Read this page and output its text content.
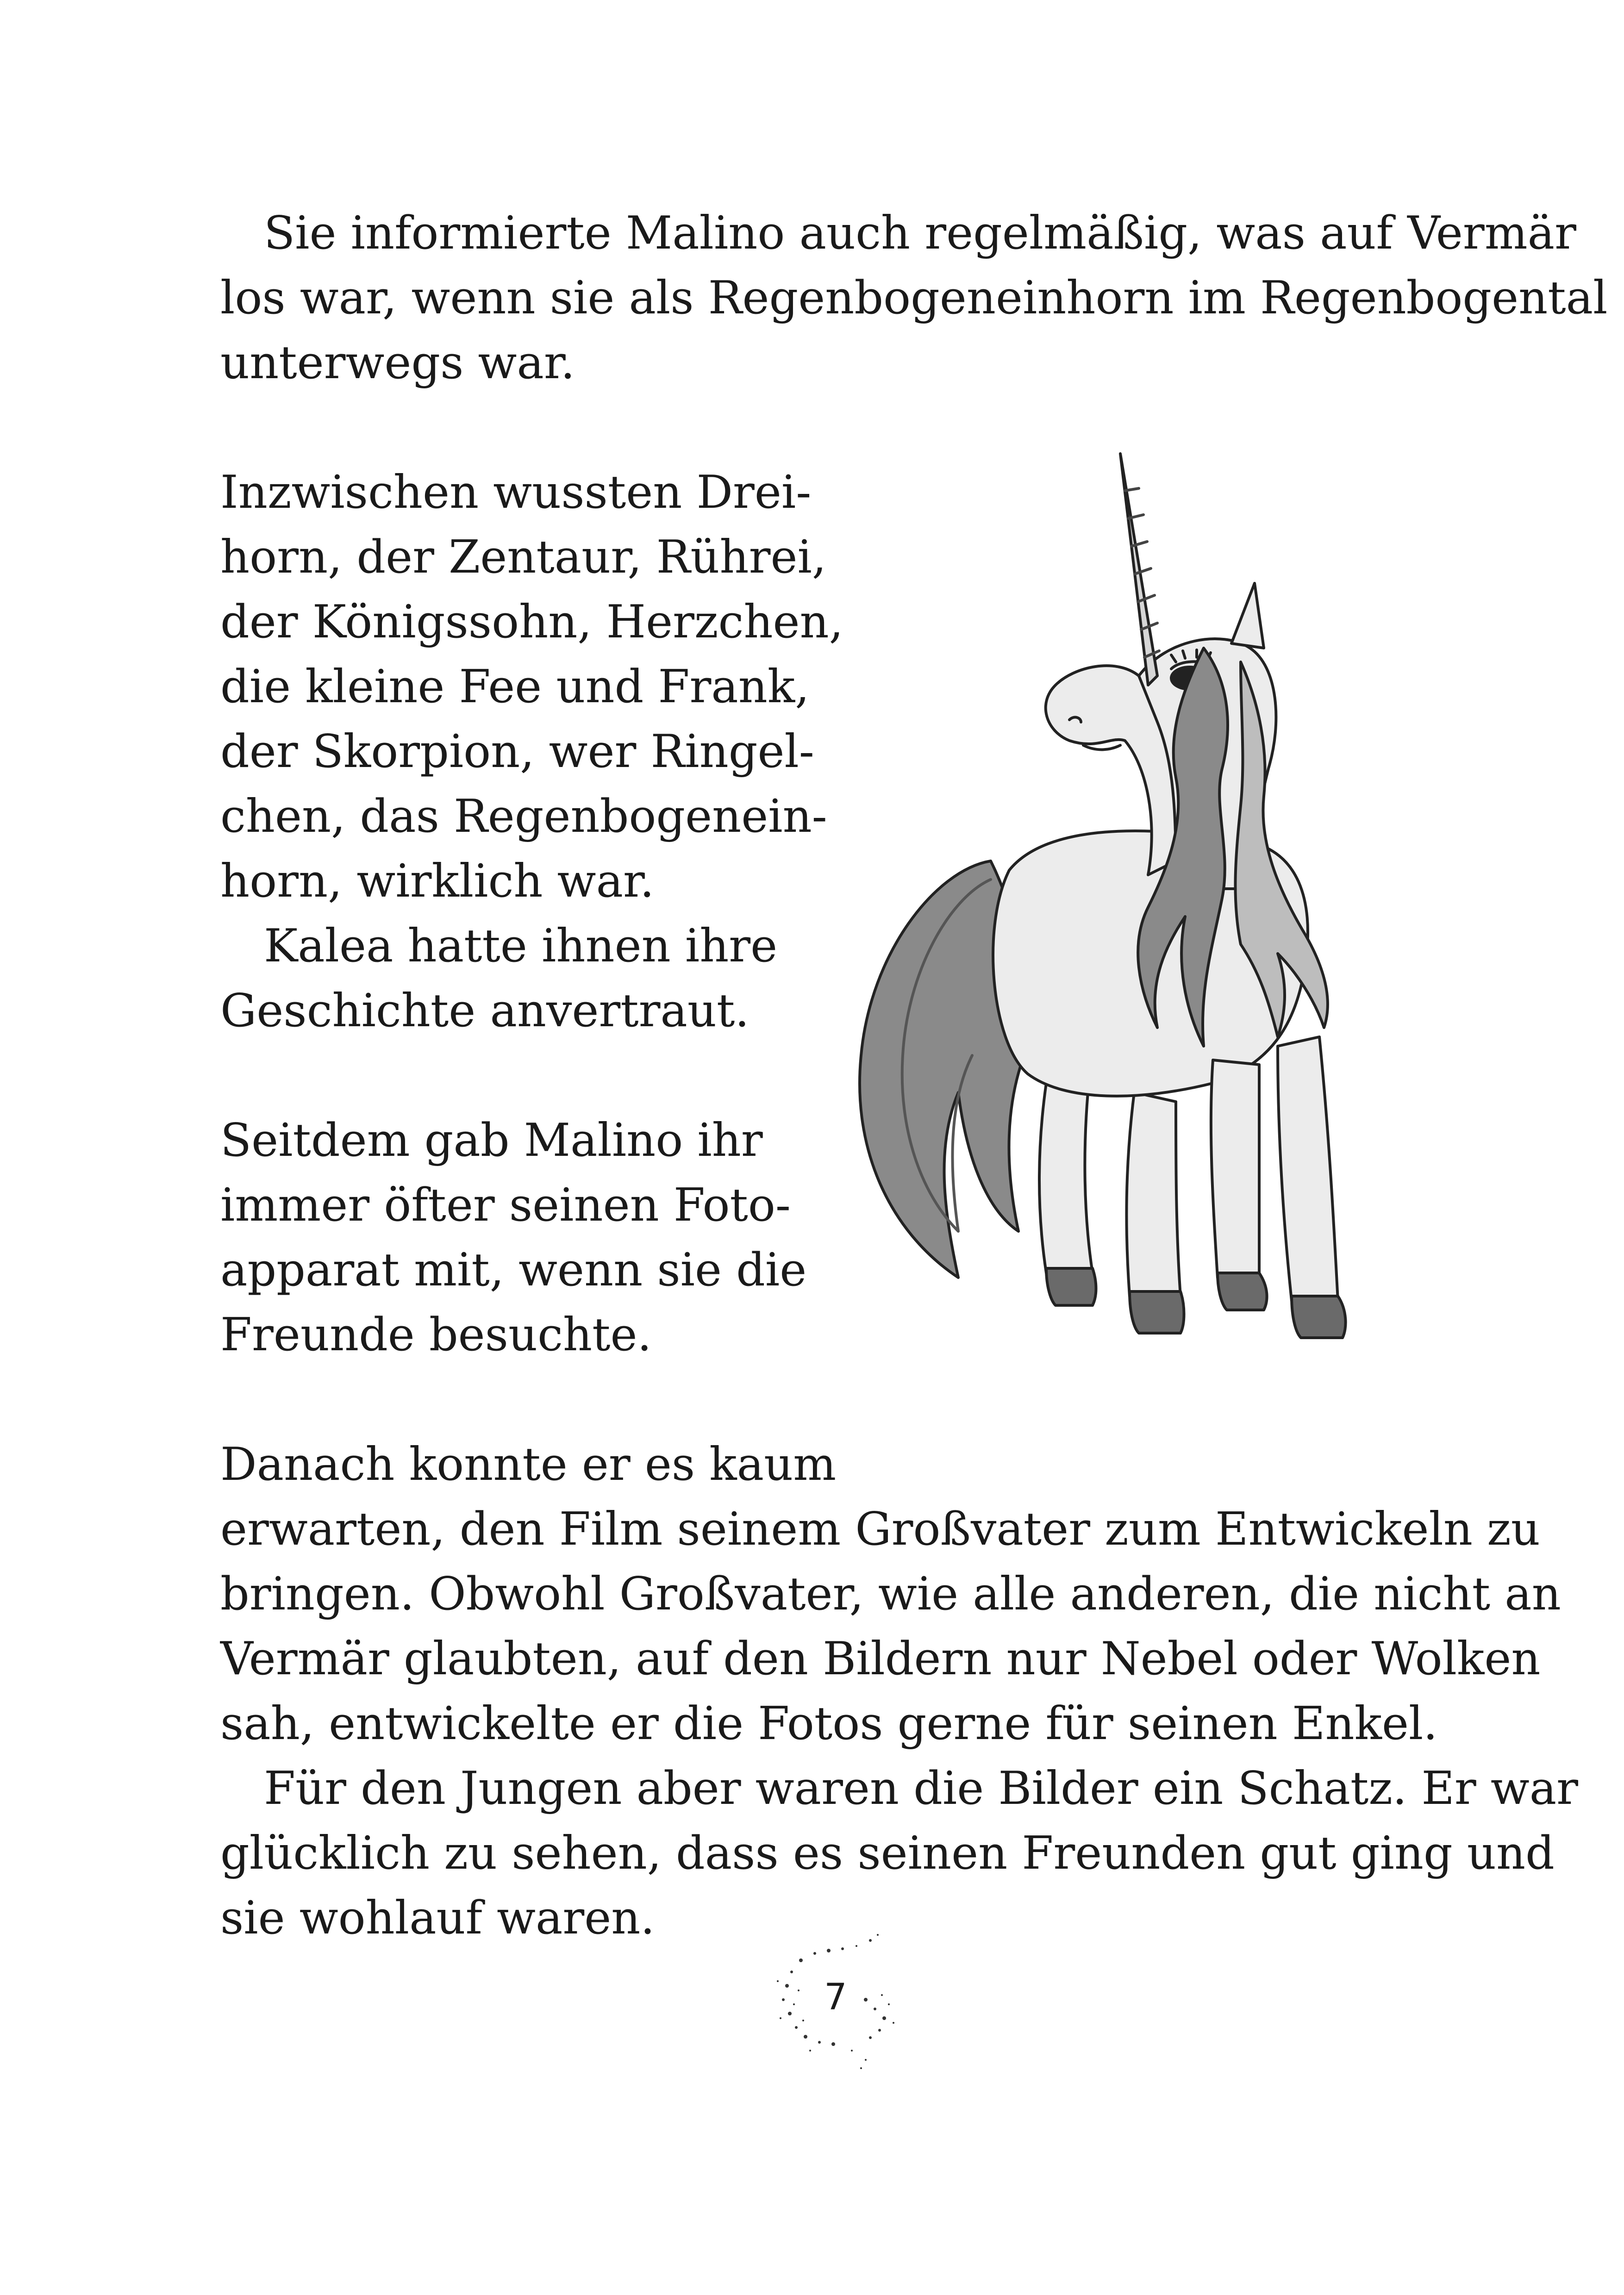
Sie informierte Malino auch regelmäßig, was auf Vermär
los war, wenn sie als Regenbogeneinhorn im Regenbogental
unterwegs war.
Inzwischen wussten Drei-
horn, der Zentaur, Rührei,
der Königssohn, Herzchen,
die kleine Fee und Frank,
der Skorpion, wer Ringel-
chen, das Regenbogenein-
horn, wirklich war.
Kalea hatte ihnen ihre
Geschichte anvertraut.
Seitdem gab Malino ihr
immer öfter seinen Foto-
apparat mit, wenn sie die
Freunde besuchte.
Danach konnte er es kaum
erwarten, den Film seinem Großvater zum Entwickeln zu
bringen. Obwohl Großvater, wie alle anderen, die nicht an
Vermär glaubten, auf den Bildern nur Nebel oder Wolken
sah, entwickelte er die Fotos gerne für seinen Enkel.
Für den Jungen aber waren die Bilder ein Schatz. Er war
glücklich zu sehen, dass es seinen Freunden gut ging und
sie wohlauf waren.
7
